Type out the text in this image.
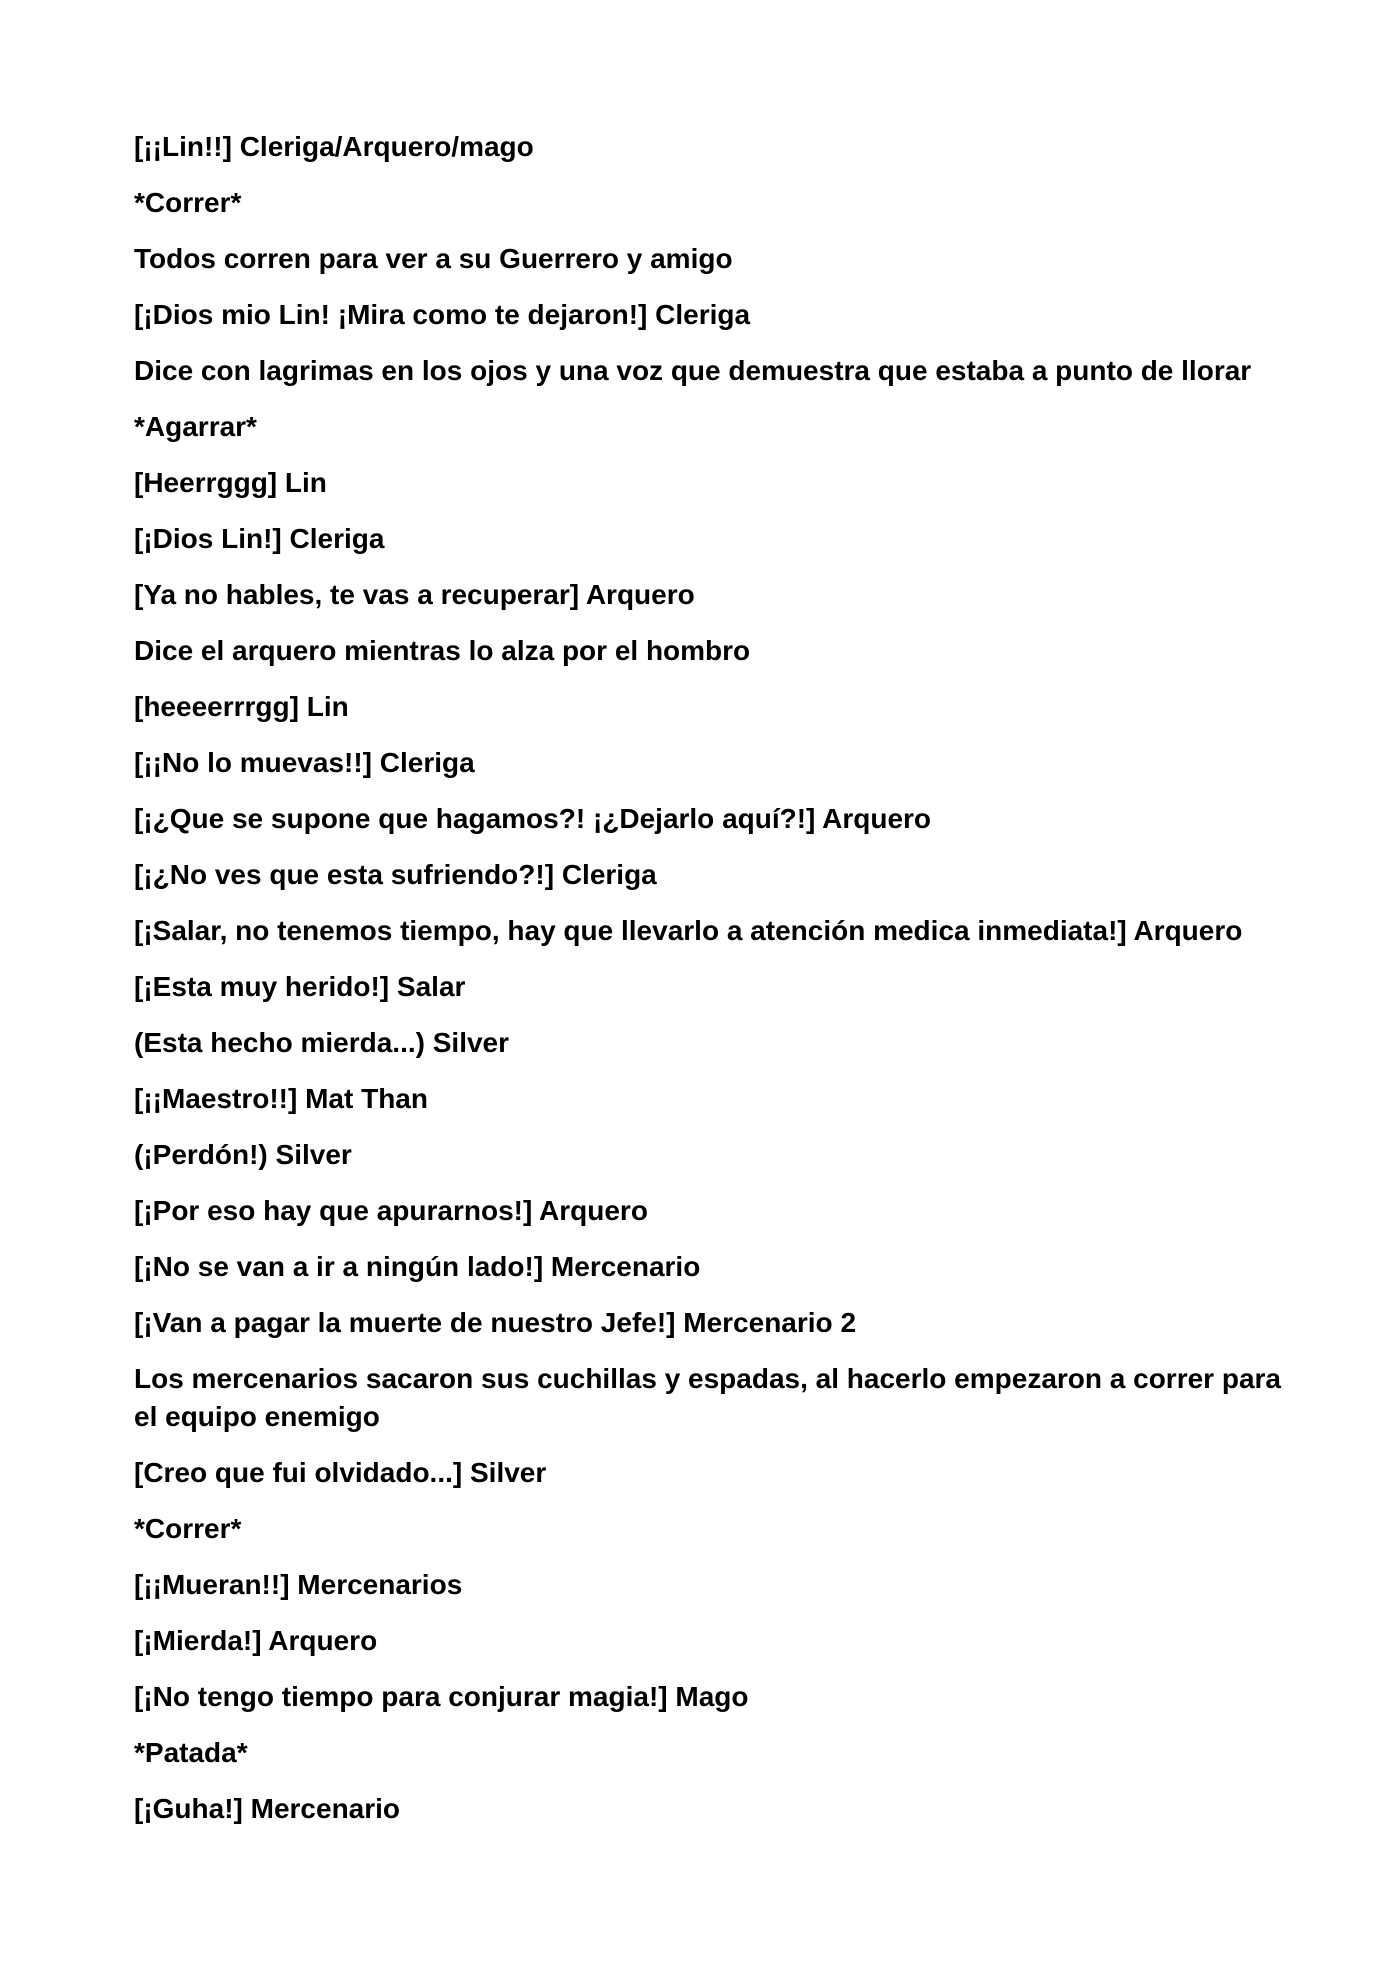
[¡¡Lin!!] Cleriga/Arquero/mago

*Correr*

Todos corren para ver a su Guerrero y amigo

[¡Dios mio Lin! ¡Mira como te dejaron!] Cleriga

Dice con lagrimas en los ojos y una voz que demuestra que estaba a punto de llorar

*Agarrar*

[Heerrggg] Lin

[¡Dios Lin!] Cleriga

[Ya no hables, te vas a recuperar] Arquero

Dice el arquero mientras lo alza por el hombro

[heeeerrrgg] Lin

[¡¡No lo muevas!!] Cleriga

[¡¿Que se supone que hagamos?! ¡¿Dejarlo aquí?!] Arquero

[¡¿No ves que esta sufriendo?!] Cleriga

[¡Salar, no tenemos tiempo, hay que llevarlo a atención medica inmediata!] Arquero

[¡Esta muy herido!] Salar

(Esta hecho mierda...) Silver

[¡¡Maestro!!] Mat Than

(¡Perdón!) Silver

[¡Por eso hay que apurarnos!] Arquero

[¡No se van a ir a ningún lado!] Mercenario

[¡Van a pagar la muerte de nuestro Jefe!] Mercenario 2

Los mercenarios sacaron sus cuchillas y espadas, al hacerlo empezaron a correr para el equipo enemigo

[Creo que fui olvidado...] Silver

*Correr*

[¡¡Mueran!!] Mercenarios

[¡Mierda!] Arquero

[¡No tengo tiempo para conjurar magia!] Mago

*Patada*

[¡Guha!] Mercenario
